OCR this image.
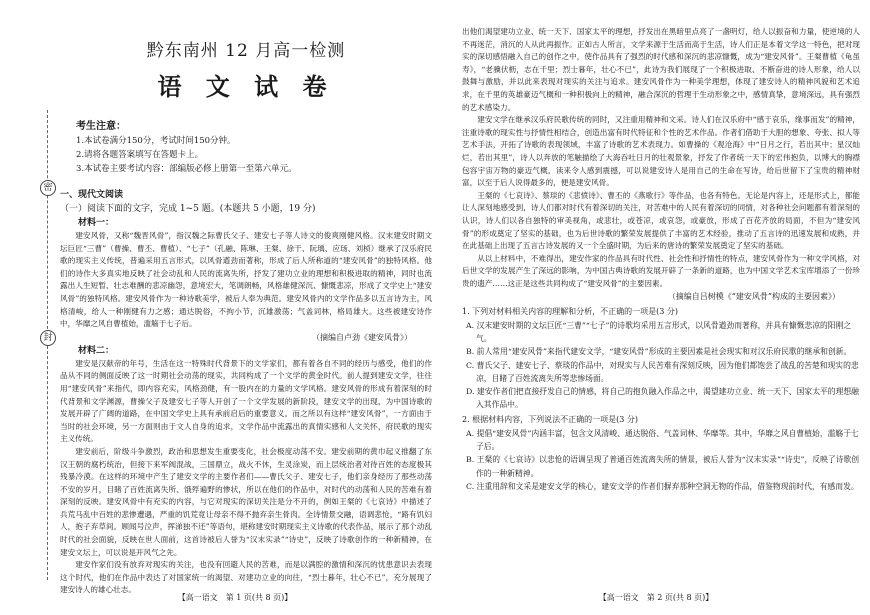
密
封
黔东南州 12 月高一检测
语 文 试 卷
考生注意：
1.本试卷满分150分，考试时间150分钟。
2.请将各题答案填写在答题卡上。
3.本试卷主要考试内容：部编版必修上册第一至第六单元。
一、现代文阅读
（一）阅读下面的文字，完成 1~5 题。(本题共 5 小题，19 分)
材料一：

建安风骨，又称“魏晋风骨”，指汉魏之际曹氏父子、建安七子等人诗文的俊爽刚健风格。汉末建安时期文坛巨匠“三曹”（曹操、曹丕、曹植）、“七子”（孔融、陈琳、王粲、徐干、阮瑀、应玚、刘桢）继承了汉乐府民歌的现实主义传统，普遍采用五言形式，以风骨遒劲而著称，形成了后人所称道的“建安风骨”的独特风格。他们的诗作大多真实地反映了社会动乱和人民的流离失所，抒发了建功立业的理想和积极进取的精神，同时也流露出人生短暂、壮志难酬的悲凉幽怨，意境宏大，笔调朗畅，风格雄健深沉、慷慨悲凉，形成了文学史上“建安风骨”的独特风格。建安风骨作为一种诗歌美学，被后人奉为典范。建安风骨内的文学作品多以五言诗为主，风格清峻，给人一种刚健有力之感；通达脱俗，不拘小节，沉雄激荡；气盖词林，格局雄大。这些被建安诗作中，华靡之风自曹植始，滥觞于七子后。

（摘编自卢劲《建安风骨》）
材料二：

建安是汉献帝的年号，生活在这一特殊时代背景下的文学家们，都有着各自不同的经历与感受，他们的作品从不同的侧面反映了这一时期社会动荡的现实，共同构成了一个文学的黄金时代。前人提到建安文学，往往用“建安风骨”来指代，即内容充实，风格劲健，有一股内在的力量的文学风格。建安风骨的形成有着深刻的时代背景和文学渊源，曹操父子及建安七子等人开创了一个文学发展的新阶段，建安文学的出现，为中国诗歌的发展开辟了广阔的道路，在中国文学史上具有承前启后的重要意义。而之所以有这样“建安风骨”，一方面由于当时的社会环境，另一方面则由于文人自身的追求，文学作品中流露出的真情实感和人文关怀，府民歌的现实主义传统。

建安前后，阶级斗争激烈，政治和思想发生重要变化，社会极度动荡不安。建安前期的黄巾起义推翻了东汉王朝的腐朽统治，但接下来军阀混战，三国鼎立，战火不休，生灵涂炭，而上层统治者对待百姓的态度极其残暴冷漠。在这样的环境中产生了建安文学的主要作者们——曹氏父子、建安七子，他们亲身经历了那些动荡不安的岁月，目睹了百姓流离失所、饿殍遍野的惨状，所以在他们的作品中，对时代的动荡和人民的苦难有着深刻的反映。建安风骨中有充实的内容，与它对现实的深切关注是分不开的，例如王粲的《七哀诗》中描述了兵荒马乱中百姓的悲惨遭遇，严重的饥荒竟让母亲不得不抛弃亲生骨肉。全诗情景交融，语调悲怆，“路有饥妇人，抱子弃草间。顾闻号泣声，挥涕独不还”等语句，堪称建安时期现实主义诗歌的代表作品，展示了那个动乱时代的社会面貌，反映在世人面前，这首诗被后人誉为“汉末实录”“诗史”，反映了诗歌创作的一种新精神，在建安文坛上，可以说是开风气之先。

建安作家们没有放弃对现实的关注，也没有回避人民的苦难，而是以满腔的激情和深沉的忧患意识去表现这个时代，他们在作品中表达了对国家统一的渴望、对建功立业的向往，“烈士暮年，壮心不已”，充分展现了建安诗人的雄心壮志。

【高一语文　第 1 页(共 8 页)】

出他们渴望建功立业、统一天下、国家太平的理想，抒发出在黑暗里点亮了一盏明灯，给人以振奋和力量，使逆境的人不再迷茫，消沉的人从此再振作。正如古人所言，文学来源于生活而高于生活，诗人们正是本着文学这一特色，把对现实的深切感悟融入自己的创作之中，使作品具有了强烈的时代感和深沉的悲凉慷慨，成为“建安风骨”。王粲曹植《龟虽寿》，“老骥伏枥，志在千里；烈士暮年，壮心不已”，此诗为我们展现了一个积极进取、不断奋进的诗人形象，给人以鼓舞与激励，并以此来表现对现实的关注与追求。建安风骨作为一种美学理想，体现了建安诗人的精神风貌和艺术追求，在千里的英雄豪迈气概和一种积极向上的精神，融合深沉的哲理于生动形象之中，感情真挚，意境深远，具有强烈的艺术感染力。

建安文学在继承汉乐府民歌传统的同时，又注重用精神和文采。诗人们在汉乐府中“感于哀乐，缘事而发”的精神，注重诗歌的现实性与抒情性相结合，创造出富有时代特征和个性的艺术作品。作者们借助于大胆的想象、夸张、拟人等艺术手法，开拓了诗歌的表现领域，丰富了诗歌的艺术表现力。如曹操的《观沧海》中“日月之行，若出其中；星汉灿烂，若出其里”，诗人以奔放的笔触描绘了大海吞吐日月的壮观景象，抒发了作者统一天下的宏伟抱负，以博大的胸襟包容宇宙万物的豪迈气概，读来令人感到震撼，可以说建安诗人是用自己的生命在写诗，给后世留下了宝贵的精神财富，以至于后人说得最多的，便是建安风骨。

王粲的《七哀诗》、蔡琰的《悲愤诗》、曹丕的《燕歌行》等作品，也各有特色。无论是内容上，还是形式上，都能让人深刻地感受到，诗人们都对时代有着深切的关注，对苦难中的人民有着深切的同情，对各种社会问题都有着深刻的认识，诗人们以各自独特的审美视角，或悲壮，或苍凉，或哀怨，或豪放，形成了百花齐放的局面，不但为“建安风骨”的形成奠定了坚实的基础，也为后世诗歌的繁荣发展提供了丰富的艺术经验，推动了五言诗的迅速发展和成熟，并在此基础上出现了五言古诗发展的又一个全盛时期，为后来的唐诗的繁荣发展奠定了坚实的基础。

从以上材料中，不难得出，建安作家的作品具有时代性、社会性和抒情性的特点，建安风骨作为一种文学风格，对后世文学的发展产生了深远的影响，为中国古典诗歌的发展开辟了一条新的道路，也为中国文学艺术宝库增添了一份珍贵的遗产……这正是这些共同构成了“建安风骨”的主要因素。

（摘编自吕树模《“建安风骨”构成的主要因素》）
1. 下列对材料相关内容的理解和分析，不正确的一项是(3 分)
A. 汉末建安时期的文坛巨匠“三曹”“七子”的诗歌均采用五言形式，以风骨遒劲而著称，并具有慷慨悲凉的阳刚之气。
B. 前人常用“建安风骨”来指代建安文学，“建安风骨”形成的主要因素是社会现实和对汉乐府民歌的继承和创新。
C. 曹氏父子、建安七子、蔡琰的作品中，对现实与人民苦难有深刻反映，因为他们都饱尝了战乱的苦楚和现实的悲凉，目睹了百姓流离失所等悲惨场面。
D. 建安作者们把直接抒发自己的情感，将自己的抱负融入作品之中，渴望建功立业、统一天下、国家太平的理想融入其作品中。
2. 根据材料内容，下列说法不正确的一项是(3 分)
A. 提倡“建安风骨”内涵丰富，包含文风清峻、通达脱俗、气盖词林、华靡等。其中，华靡之风自曹植始，滥觞于七子后。
B. 王粲的《七哀诗》以悲怆的语调呈现了普通百姓流离失所的情景，被后人誉为“汉末实录”“诗史”，反映了诗歌创作的一种新精神。
C. 注重用辞和文采是建安文学的核心，建安文学的作者们摒弃那种空洞无物的作品，借鉴物现前时代，有感而发。
【高一语文　第 2 页(共 8 页)】
